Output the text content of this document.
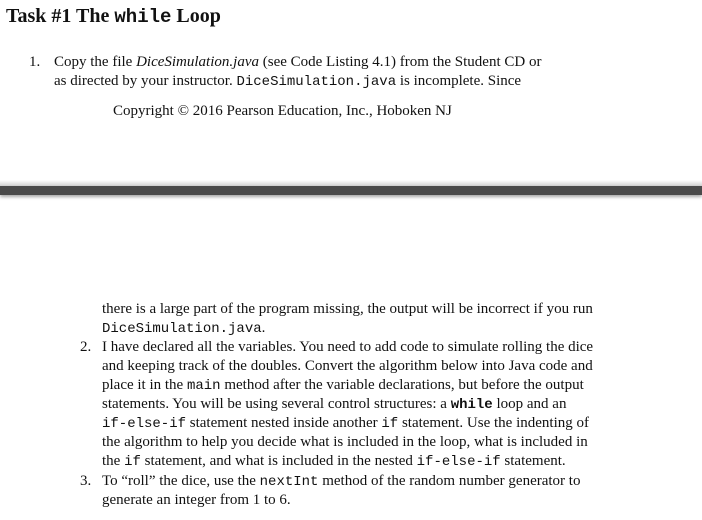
Task #1 The while Loop
1. Copy the file DiceSimulation.java (see Code Listing 4.1) from the Student CD or
as directed by your instructor. DiceSimulation.java is incomplete. Since
Copyright © 2016 Pearson Education, Inc., Hoboken NJ
there is a large part of the program missing, the output will be incorrect if you run
DiceSimulation.java.
2. I have declared all the variables. You need to add code to simulate rolling the dice
and keeping track of the doubles. Convert the algorithm below into Java code and
place it in the main method after the variable declarations, but before the output
statements. You will be using several control structures: a while loop and an
if-else-if statement nested inside another if statement. Use the indenting of
the algorithm to help you decide what is included in the loop, what is included in
the if statement, and what is included in the nested if-else-if statement.
3. To “roll” the dice, use the nextInt method of the random number generator to
generate an integer from 1 to 6.
